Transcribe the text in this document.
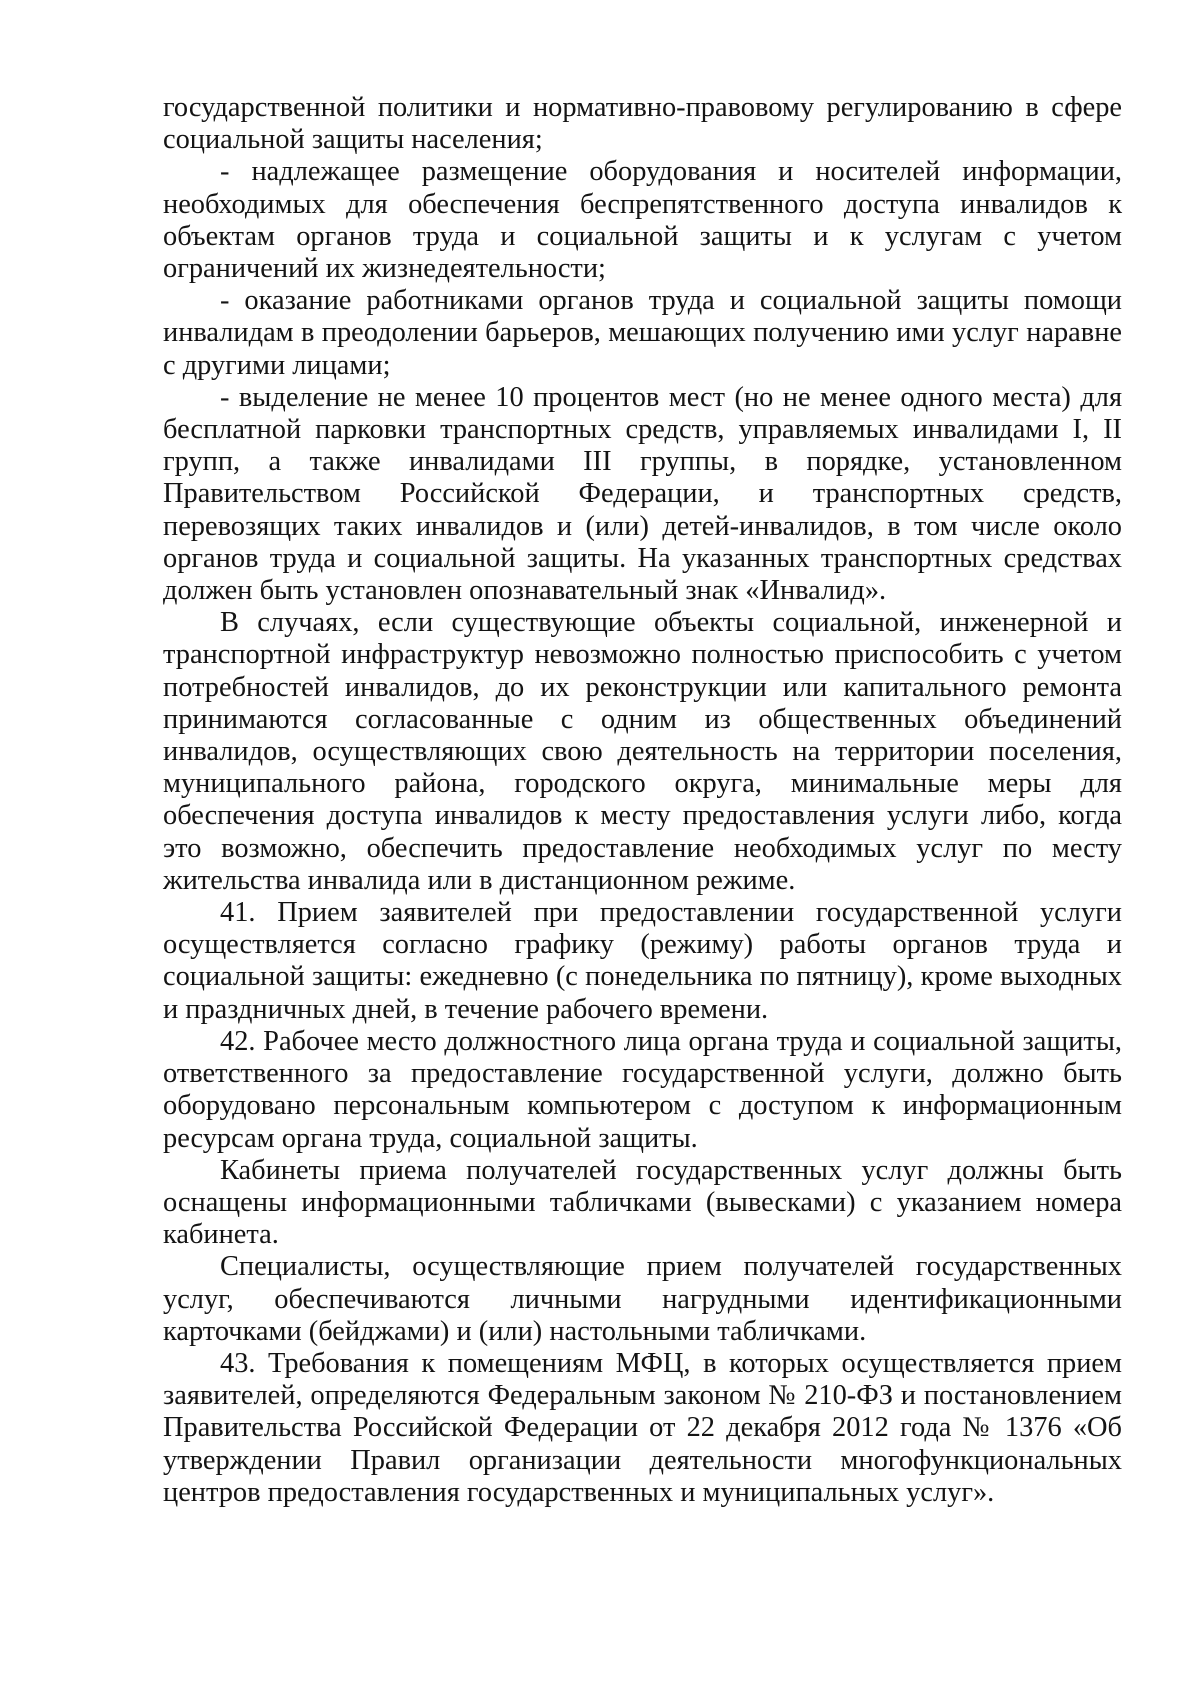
государственной политики и нормативно-правовому регулированию в сфере социальной защиты населения;

- надлежащее размещение оборудования и носителей информации, необходимых для обеспечения беспрепятственного доступа инвалидов к объектам органов труда и социальной защиты и к услугам с учетом ограничений их жизнедеятельности;

- оказание работниками органов труда и социальной защиты помощи инвалидам в преодолении барьеров, мешающих получению ими услуг наравне с другими лицами;

- выделение не менее 10 процентов мест (но не менее одного места) для бесплатной парковки транспортных средств, управляемых инвалидами I, II групп, а также инвалидами III группы, в порядке, установленном Правительством Российской Федерации, и транспортных средств, перевозящих таких инвалидов и (или) детей-инвалидов, в том числе около органов труда и социальной защиты. На указанных транспортных средствах должен быть установлен опознавательный знак «Инвалид».

В случаях, если существующие объекты социальной, инженерной и транспортной инфраструктур невозможно полностью приспособить с учетом потребностей инвалидов, до их реконструкции или капитального ремонта принимаются согласованные с одним из общественных объединений инвалидов, осуществляющих свою деятельность на территории поселения, муниципального района, городского округа, минимальные меры для обеспечения доступа инвалидов к месту предоставления услуги либо, когда это возможно, обеспечить предоставление необходимых услуг по месту жительства инвалида или в дистанционном режиме.

41. Прием заявителей при предоставлении государственной услуги осуществляется согласно графику (режиму) работы органов труда и социальной защиты: ежедневно (с понедельника по пятницу), кроме выходных и праздничных дней, в течение рабочего времени.

42. Рабочее место должностного лица органа труда и социальной защиты, ответственного за предоставление государственной услуги, должно быть оборудовано персональным компьютером с доступом к информационным ресурсам органа труда, социальной защиты.

Кабинеты приема получателей государственных услуг должны быть оснащены информационными табличками (вывесками) с указанием номера кабинета.

Специалисты, осуществляющие прием получателей государственных услуг, обеспечиваются личными нагрудными идентификационными карточками (бейджами) и (или) настольными табличками.

43. Требования к помещениям МФЦ, в которых осуществляется прием заявителей, определяются Федеральным законом № 210-ФЗ и постановлением Правительства Российской Федерации от 22 декабря 2012 года № 1376 «Об утверждении Правил организации деятельности многофункциональных центров предоставления государственных и муниципальных услуг».
